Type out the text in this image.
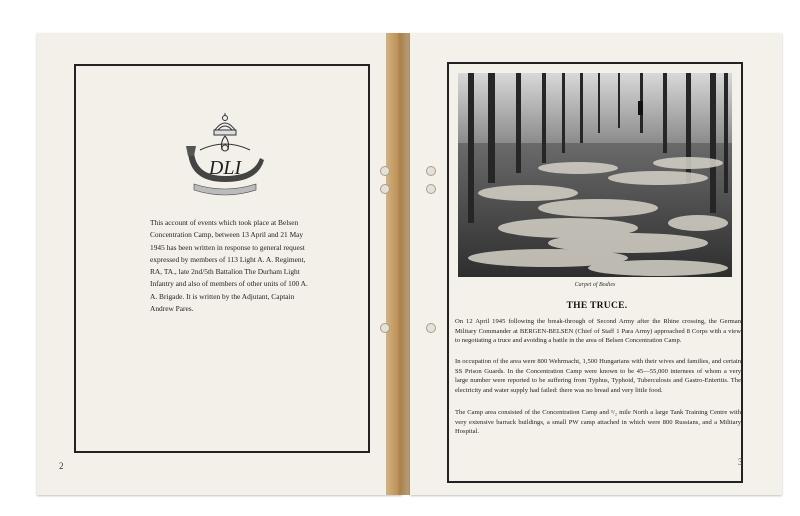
DLI
This account of events which took place at Belsen Concentration Camp, between 13 April and 21 May 1945 has been written in response to general request expressed by members of 113 Light A. A. Regiment, RA, TA., late 2nd/5th Battalion The Durham Light Infantry and also of members of other units of 100 A. A. Brigade. It is written by the Adjutant, Captain Andrew Pares.
2
Carpet of Bodies
THE TRUCE.
On 12 April 1945 following the break-through of Second Army after the Rhine crossing, the German Military Commander at BERGEN-BELSEN (Chief of Staff 1 Para Army) approached 8 Corps with a view to negotiating a truce and avoiding a battle in the area of Belsen Concentration Camp.
In occupation of the area were 800 Wehrmacht, 1,500 Hungarians with their wives and families, and certain SS Prison Guards. In the Concentration Camp were known to be 45—55,000 internees of whom a very large number were reported to be suffering from Typhus, Typhoid, Tuberculosis and Gastro-Enteritis. The electricity and water supply had failed: there was no bread and very little food.
The Camp area consisted of the Concentration Camp and ¹/₂ mile North a large Tank Training Centre with very extensive barrack buildings, a small PW camp attached in which were 800 Russians, and a Military Hospital.
3
